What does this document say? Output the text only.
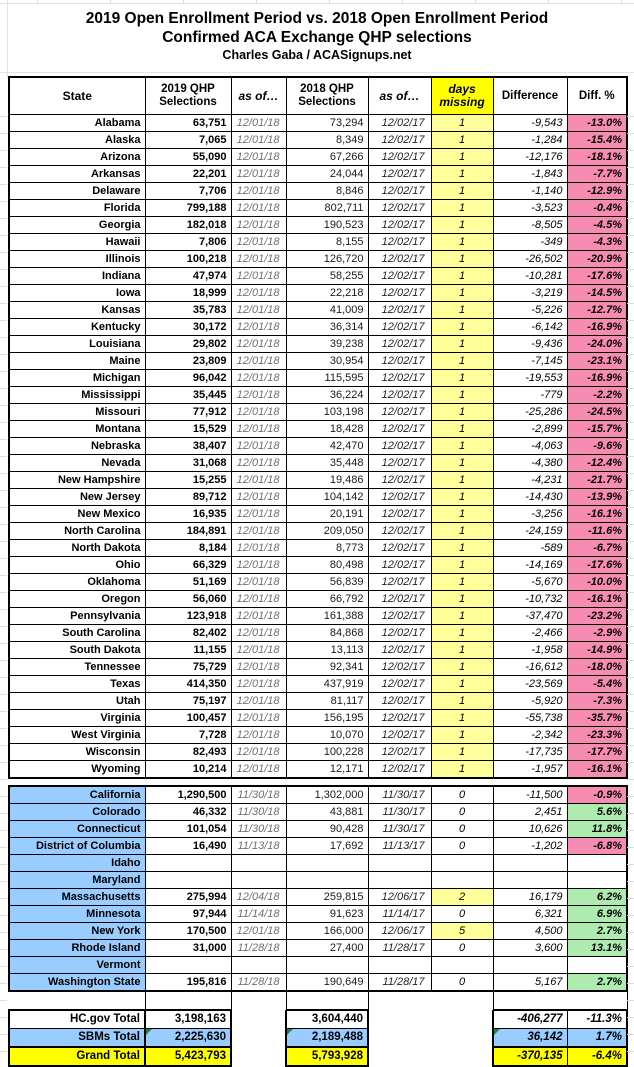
2019 Open Enrollment Period vs. 2018 Open Enrollment Period
Confirmed ACA Exchange QHP selections
Charles Gaba / ACASignups.net
State	2019 QHP Selections	as of…	2018 QHP Selections	as of…	days missing	Difference	Diff. %
Alabama	63,751	12/01/18	73,294	12/02/17	1	-9,543	-13.0%
Alaska	7,065	12/01/18	8,349	12/02/17	1	-1,284	-15.4%
Arizona	55,090	12/01/18	67,266	12/02/17	1	-12,176	-18.1%
Arkansas	22,201	12/01/18	24,044	12/02/17	1	-1,843	-7.7%
Delaware	7,706	12/01/18	8,846	12/02/17	1	-1,140	-12.9%
Florida	799,188	12/01/18	802,711	12/02/17	1	-3,523	-0.4%
Georgia	182,018	12/01/18	190,523	12/02/17	1	-8,505	-4.5%
Hawaii	7,806	12/01/18	8,155	12/02/17	1	-349	-4.3%
Illinois	100,218	12/01/18	126,720	12/02/17	1	-26,502	-20.9%
Indiana	47,974	12/01/18	58,255	12/02/17	1	-10,281	-17.6%
Iowa	18,999	12/01/18	22,218	12/02/17	1	-3,219	-14.5%
Kansas	35,783	12/01/18	41,009	12/02/17	1	-5,226	-12.7%
Kentucky	30,172	12/01/18	36,314	12/02/17	1	-6,142	-16.9%
Louisiana	29,802	12/01/18	39,238	12/02/17	1	-9,436	-24.0%
Maine	23,809	12/01/18	30,954	12/02/17	1	-7,145	-23.1%
Michigan	96,042	12/01/18	115,595	12/02/17	1	-19,553	-16.9%
Mississippi	35,445	12/01/18	36,224	12/02/17	1	-779	-2.2%
Missouri	77,912	12/01/18	103,198	12/02/17	1	-25,286	-24.5%
Montana	15,529	12/01/18	18,428	12/02/17	1	-2,899	-15.7%
Nebraska	38,407	12/01/18	42,470	12/02/17	1	-4,063	-9.6%
Nevada	31,068	12/01/18	35,448	12/02/17	1	-4,380	-12.4%
New Hampshire	15,255	12/01/18	19,486	12/02/17	1	-4,231	-21.7%
New Jersey	89,712	12/01/18	104,142	12/02/17	1	-14,430	-13.9%
New Mexico	16,935	12/01/18	20,191	12/02/17	1	-3,256	-16.1%
North Carolina	184,891	12/01/18	209,050	12/02/17	1	-24,159	-11.6%
North Dakota	8,184	12/01/18	8,773	12/02/17	1	-589	-6.7%
Ohio	66,329	12/01/18	80,498	12/02/17	1	-14,169	-17.6%
Oklahoma	51,169	12/01/18	56,839	12/02/17	1	-5,670	-10.0%
Oregon	56,060	12/01/18	66,792	12/02/17	1	-10,732	-16.1%
Pennsylvania	123,918	12/01/18	161,388	12/02/17	1	-37,470	-23.2%
South Carolina	82,402	12/01/18	84,868	12/02/17	1	-2,466	-2.9%
South Dakota	11,155	12/01/18	13,113	12/02/17	1	-1,958	-14.9%
Tennessee	75,729	12/01/18	92,341	12/02/17	1	-16,612	-18.0%
Texas	414,350	12/01/18	437,919	12/02/17	1	-23,569	-5.4%
Utah	75,197	12/01/18	81,117	12/02/17	1	-5,920	-7.3%
Virginia	100,457	12/01/18	156,195	12/02/17	1	-55,738	-35.7%
West Virginia	7,728	12/01/18	10,070	12/02/17	1	-2,342	-23.3%
Wisconsin	82,493	12/01/18	100,228	12/02/17	1	-17,735	-17.7%
Wyoming	10,214	12/01/18	12,171	12/02/17	1	-1,957	-16.1%
California	1,290,500	11/30/18	1,302,000	11/30/17	0	-11,500	-0.9%
Colorado	46,332	11/30/18	43,881	11/30/17	0	2,451	5.6%
Connecticut	101,054	11/30/18	90,428	11/30/17	0	10,626	11.8%
District of Columbia	16,490	11/13/18	17,692	11/13/17	0	-1,202	-6.8%
Idaho							
Maryland							
Massachusetts	275,994	12/04/18	259,815	12/06/17	2	16,179	6.2%
Minnesota	97,944	11/14/18	91,623	11/14/17	0	6,321	6.9%
New York	170,500	12/01/18	166,000	12/06/17	5	4,500	2.7%
Rhode Island	31,000	11/28/18	27,400	11/28/17	0	3,600	13.1%
Vermont							
Washington State	195,816	11/28/18	190,649	11/28/17	0	5,167	2.7%

HC.gov Total	3,198,163		3,604,440			-406,277	-11.3%
SBMs Total	2,225,630		2,189,488			36,142	1.7%
Grand Total	5,423,793		5,793,928			-370,135	-6.4%
